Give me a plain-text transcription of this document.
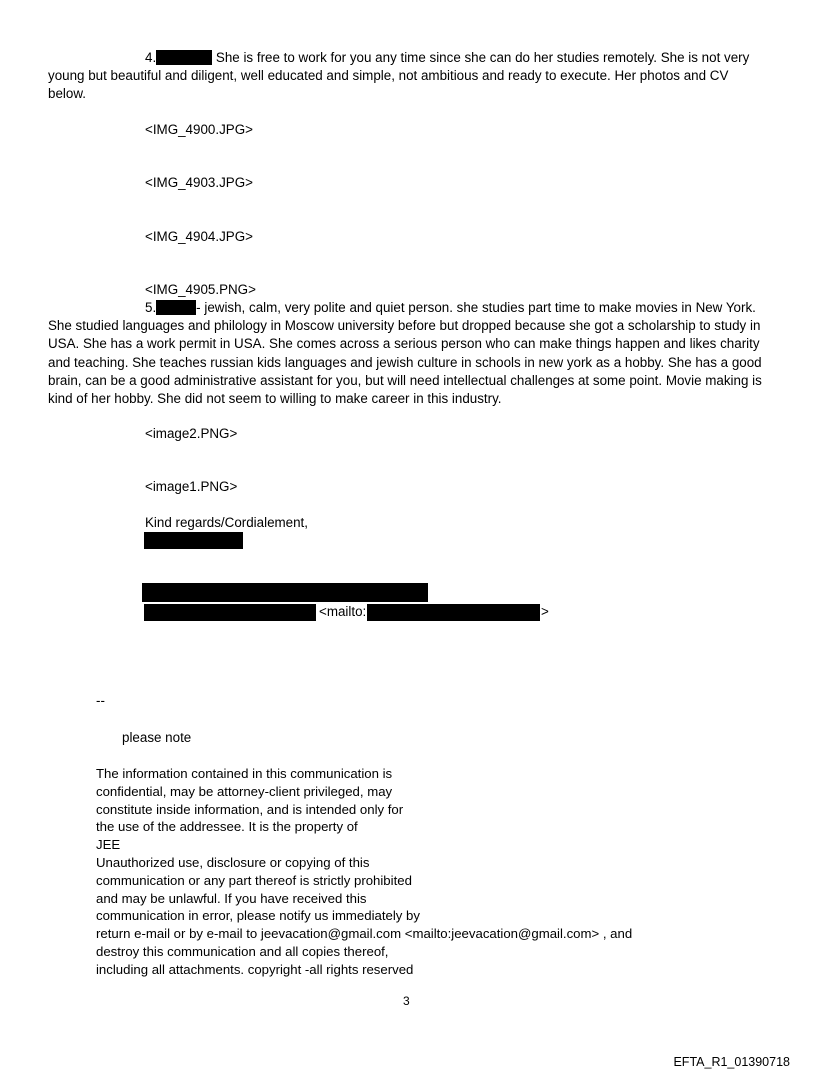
4.	She is free to work for you any time since she can do her studies remotely. She is not very young but beautiful and diligent, well educated and simple, not ambitious and ready to execute. Her photos and CV below.
<IMG_4900.JPG>
<IMG_4903.JPG>
<IMG_4904.JPG>
<IMG_4905.PNG>
5.	- jewish, calm, very polite and quiet person. she studies part time to make movies in New York. She studied languages and philology in Moscow university before but dropped because she got a scholarship to study in USA. She has a work permit in USA. She comes across a serious person who can make things happen and likes charity and teaching. She teaches russian kids languages and jewish culture in schools in new york as a hobby. She has a good brain, can be a good administrative assistant for you, but will need intellectual challenges at some point. Movie making is kind of her hobby. She did not seem to willing to make career in this industry.
<image2.PNG>
<image1.PNG>
Kind regards/Cordialement,
<mailto:	>
--
please note
The information contained in this communication is
confidential, may be attorney-client privileged, may
constitute inside information, and is intended only for
the use of the addressee. It is the property of
JEE
Unauthorized use, disclosure or copying of this
communication or any part thereof is strictly prohibited
and may be unlawful. If you have received this
communication in error, please notify us immediately by
return e-mail or by e-mail to jeevacation@gmail.com <mailto:jeevacation@gmail.com> , and
destroy this communication and all copies thereof,
including all attachments. copyright -all rights reserved
3
EFTA_R1_01390718
